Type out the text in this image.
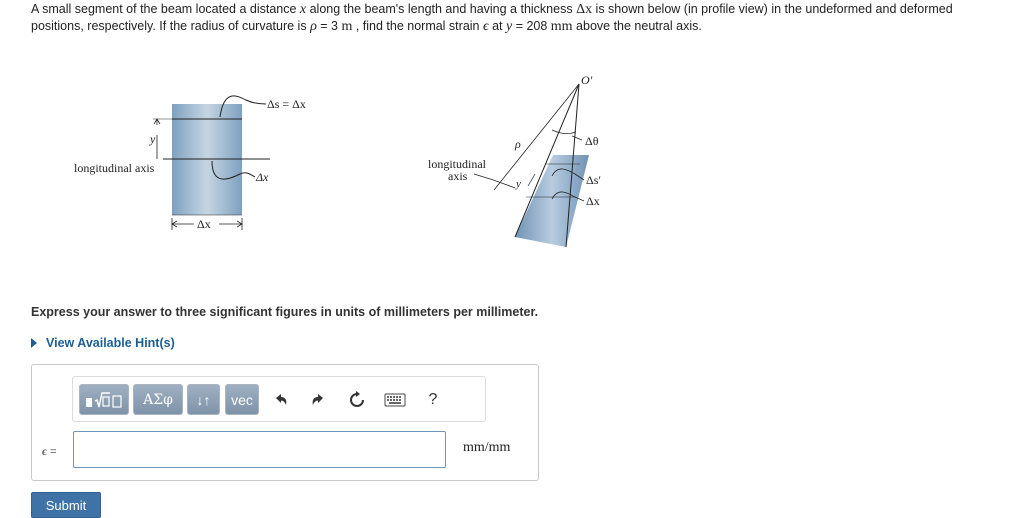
A small segment of the beam located a distance x along the beam's length and having a thickness Δx is shown below (in profile view) in the undeformed and deformed positions, respectively. If the radius of curvature is ρ = 3 m , find the normal strain ϵ at y = 208 mm above the neutral axis.
y
longitudinal axis
Δs = Δx
Δx
Δx
O′
ρ	Δθ
longitudinal
axis
y	Δs′
Δx
Express your answer to three significant figures in units of millimeters per millimeter.
View Available Hint(s)
ΑΣφ	↓↑	vec	?
ϵ =	mm/mm
Submit
